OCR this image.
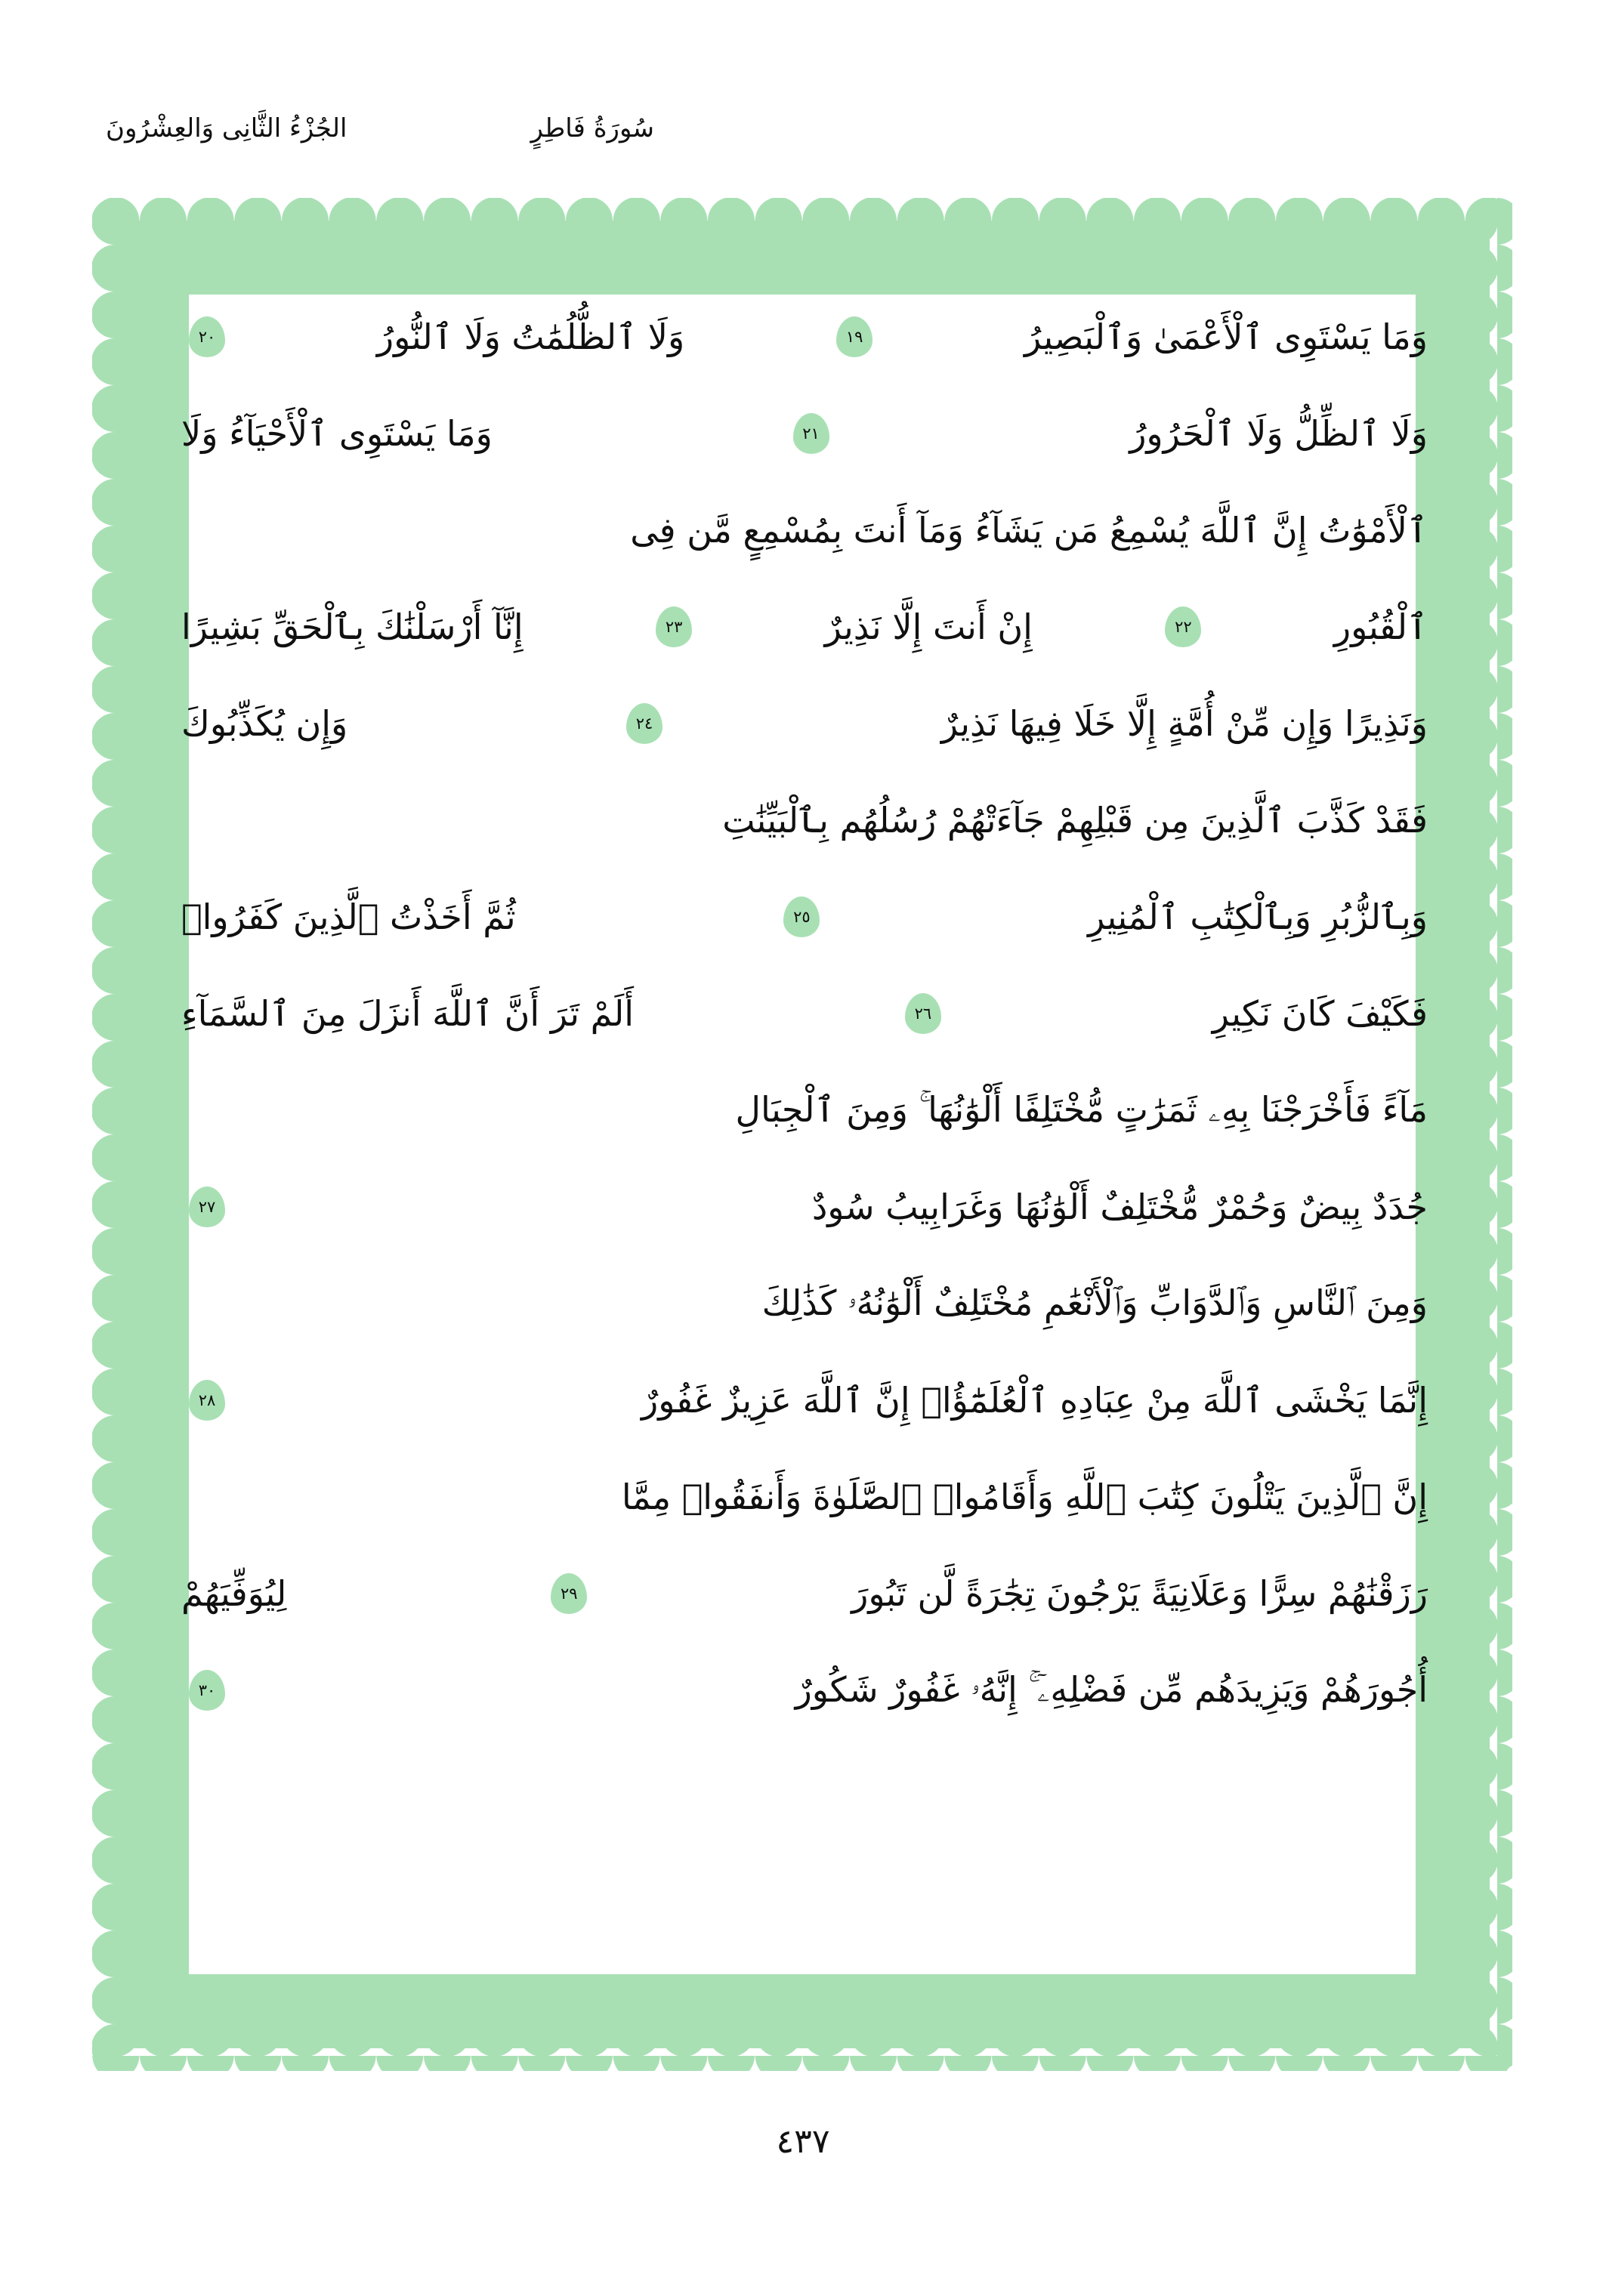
الجُزْءُ الثَّانِى وَالعِشْرُونَ	سُورَةُ فَاطِرٍ
وَمَا يَسْتَوِى ٱلْأَعْمَىٰ وَٱلْبَصِيرُ
١٩
وَلَا ٱلظُّلُمَٰتُ وَلَا ٱلنُّورُ
٢٠
وَلَا ٱلظِّلُّ وَلَا ٱلْحَرُورُ
٢١
وَمَا يَسْتَوِى ٱلْأَحْيَآءُ وَلَا
ٱلْأَمْوَٰتُ إِنَّ ٱللَّهَ يُسْمِعُ مَن يَشَآءُ وَمَآ أَنتَ بِمُسْمِعٍ مَّن فِى
ٱلْقُبُورِ
٢٢
إِنْ أَنتَ إِلَّا نَذِيرٌ
٢٣
إِنَّآ أَرْسَلْنَٰكَ بِٱلْحَقِّ بَشِيرًا
وَنَذِيرًا وَإِن مِّنْ أُمَّةٍ إِلَّا خَلَا فِيهَا نَذِيرٌ
٢٤
وَإِن يُكَذِّبُوكَ
فَقَدْ كَذَّبَ ٱلَّذِينَ مِن قَبْلِهِمْ جَآءَتْهُمْ رُسُلُهُم بِٱلْبَيِّنَٰتِ
وَبِٱلزُّبُرِ وَبِٱلْكِتَٰبِ ٱلْمُنِيرِ
٢٥
ثُمَّ أَخَذْتُ ٱلَّذِينَ كَفَرُوا۟
فَكَيْفَ كَانَ نَكِيرِ
٢٦
أَلَمْ تَرَ أَنَّ ٱللَّهَ أَنزَلَ مِنَ ٱلسَّمَآءِ
مَآءً فَأَخْرَجْنَا بِهِۦ ثَمَرَٰتٍ مُّخْتَلِفًا أَلْوَٰنُهَا ۚ وَمِنَ ٱلْجِبَالِ
جُدَدٌ بِيضٌ وَحُمْرٌ مُّخْتَلِفٌ أَلْوَٰنُهَا وَغَرَابِيبُ سُودٌ
٢٧
وَمِنَ ٱلنَّاسِ وَٱلدَّوَابِّ وَٱلْأَنْعَٰمِ مُخْتَلِفٌ أَلْوَٰنُهُۥ كَذَٰلِكَ
إِنَّمَا يَخْشَى ٱللَّهَ مِنْ عِبَادِهِ ٱلْعُلَمَٰٓؤُا۟ إِنَّ ٱللَّهَ عَزِيزٌ غَفُورٌ
٢٨
إِنَّ ٱلَّذِينَ يَتْلُونَ كِتَٰبَ ٱللَّهِ وَأَقَامُوا۟ ٱلصَّلَوٰةَ وَأَنفَقُوا۟ مِمَّا
رَزَقْنَٰهُمْ سِرًّا وَعَلَانِيَةً يَرْجُونَ تِجَٰرَةً لَّن تَبُورَ
٢٩
لِيُوَفِّيَهُمْ
أُجُورَهُمْ وَيَزِيدَهُم مِّن فَضْلِهِۦٓ ۚ إِنَّهُۥ غَفُورٌ شَكُورٌ
٣٠
٤٣٧
